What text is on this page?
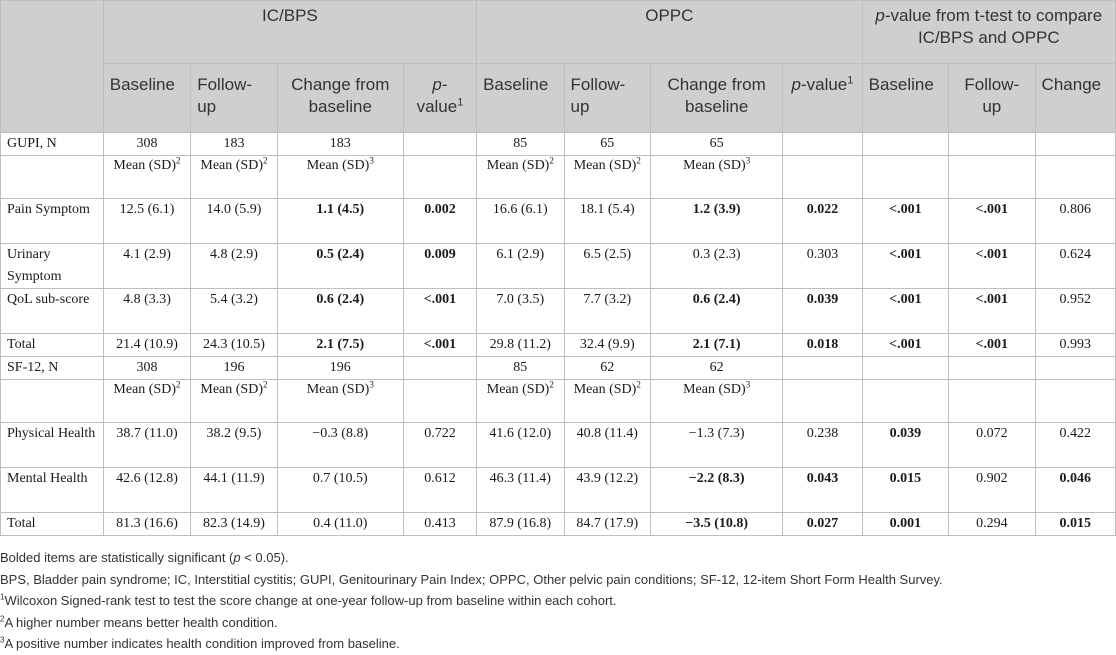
	IC/BPS				OPPC				p-value from t-test to compare IC/BPS and OPPC		
	Baseline	Follow-up	Change from baseline	p-value$^1$	Baseline	Follow-up	Change from baseline	p-value$^1$	Baseline	Follow-up	Change
GUPI, N	308	183	183		85	65	65				
	Mean (SD)$^2$	Mean (SD)$^2$	Mean (SD)$^3$		Mean (SD)$^2$	Mean (SD)$^2$	Mean (SD)$^3$				
Pain Symptom	12.5 (6.1)	14.0 (5.9)	1.1 (4.5)	0.002	16.6 (6.1)	18.1 (5.4)	1.2 (3.9)	0.022	<.001	<.001	0.806
Urinary Symptom	4.1 (2.9)	4.8 (2.9)	0.5 (2.4)	0.009	6.1 (2.9)	6.5 (2.5)	0.3 (2.3)	0.303	<.001	<.001	0.624
QoL sub-score	4.8 (3.3)	5.4 (3.2)	0.6 (2.4)	<.001	7.0 (3.5)	7.7 (3.2)	0.6 (2.4)	0.039	<.001	<.001	0.952
Total	21.4 (10.9)	24.3 (10.5)	2.1 (7.5)	<.001	29.8 (11.2)	32.4 (9.9)	2.1 (7.1)	0.018	<.001	<.001	0.993
SF-12, N	308	196	196		85	62	62				
	Mean (SD)$^2$	Mean (SD)$^2$	Mean (SD)$^3$		Mean (SD)$^2$	Mean (SD)$^2$	Mean (SD)$^3$				
Physical Health	38.7 (11.0)	38.2 (9.5)	−0.3 (8.8)	0.722	41.6 (12.0)	40.8 (11.4)	−1.3 (7.3)	0.238	0.039	0.072	0.422
Mental Health	42.6 (12.8)	44.1 (11.9)	0.7 (10.5)	0.612	46.3 (11.4)	43.9 (12.2)	−2.2 (8.3)	0.043	0.015	0.902	0.046
Total	81.3 (16.6)	82.3 (14.9)	0.4 (11.0)	0.413	87.9 (16.8)	84.7 (17.9)	−3.5 (10.8)	0.027	0.001	0.294	0.015
Bolded items are statistically significant (p < 0.05).
BPS, Bladder pain syndrome; IC, Interstitial cystitis; GUPI, Genitourinary Pain Index; OPPC, Other pelvic pain conditions; SF-12, 12-item Short Form Health Survey.
$^1$Wilcoxon Signed-rank test to test the score change at one-year follow-up from baseline within each cohort.
$^2$A higher number means better health condition.
$^3$A positive number indicates health condition improved from baseline.
